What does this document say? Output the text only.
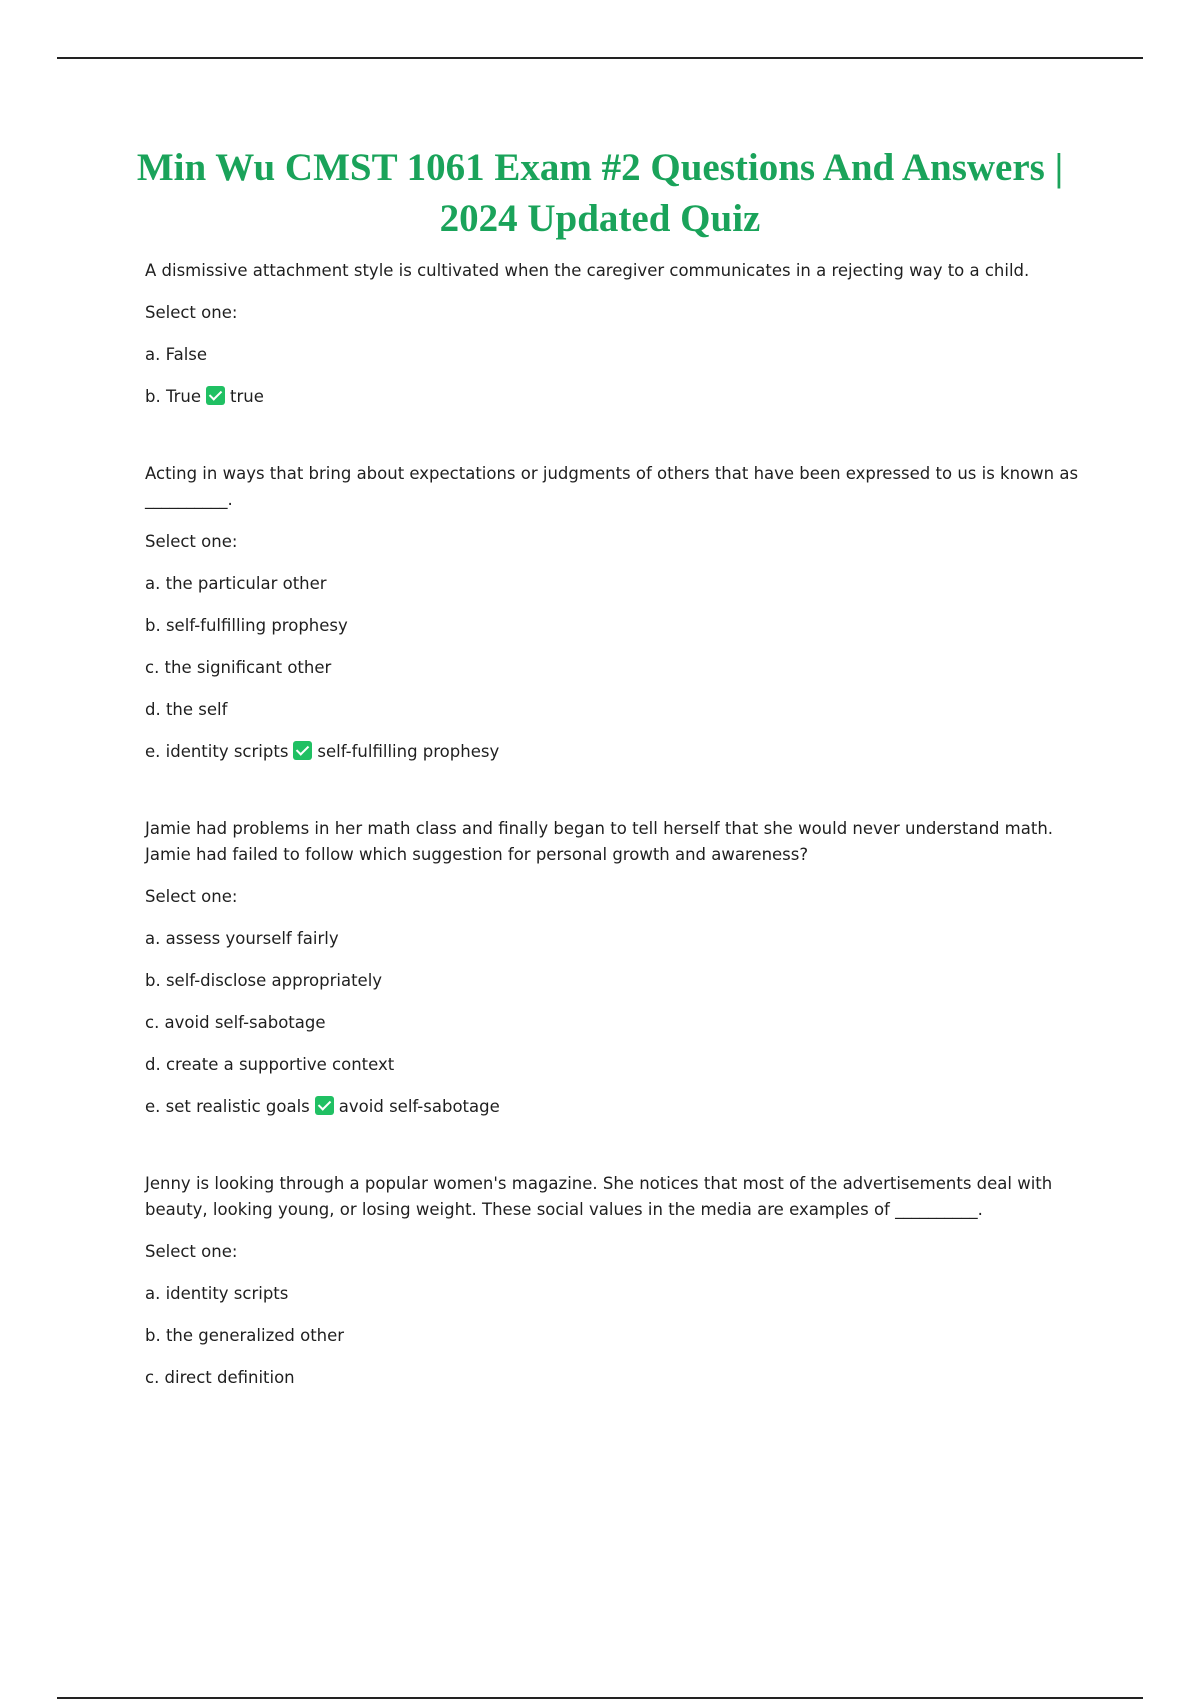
Min Wu CMST 1061 Exam #2 Questions And Answers | 2024 Updated Quiz

A dismissive attachment style is cultivated when the caregiver communicates in a rejecting way to a child.

Select one:

a. False

b. True true

Acting in ways that bring about expectations or judgments of others that have been expressed to us is known as __________.

Select one:

a. the particular other

b. self-fulfilling prophesy

c. the significant other

d. the self

e. identity scripts self-fulfilling prophesy

Jamie had problems in her math class and finally began to tell herself that she would never understand math. Jamie had failed to follow which suggestion for personal growth and awareness?

Select one:

a. assess yourself fairly

b. self-disclose appropriately

c. avoid self-sabotage

d. create a supportive context

e. set realistic goals avoid self-sabotage

Jenny is looking through a popular women's magazine. She notices that most of the advertisements deal with beauty, looking young, or losing weight. These social values in the media are examples of __________.

Select one:

a. identity scripts

b. the generalized other

c. direct definition
